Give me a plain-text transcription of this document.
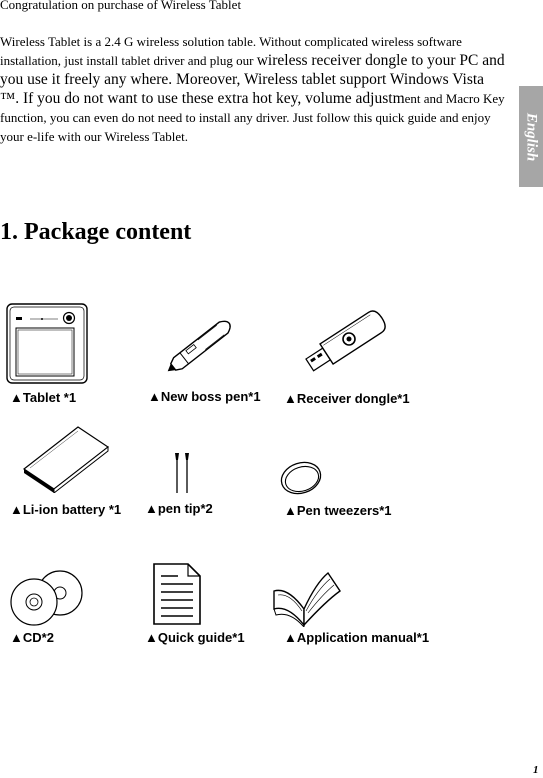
Congratulation on purchase of Wireless Tablet

Wireless Tablet is a 2.4 G wireless solution table. Without complicated wireless software installation, just install tablet driver and plug our wireless receiver dongle to your PC and you use it freely any where. Moreover, Wireless tablet support Windows Vista ™. If you do not want to use these extra hot key, volume adjustment and Macro Key function, you can even do not need to install any driver. Just follow this quick guide and enjoy your e-life with our Wireless Tablet.

1. Package content
English
▲Tablet *1	▲New boss pen*1 ▲Receiver dongle*1
▲Li-ion battery *1 ▲pen tip*2	▲Pen tweezers*1
▲CD*2	▲Quick guide*1	▲Application manual*1
1
